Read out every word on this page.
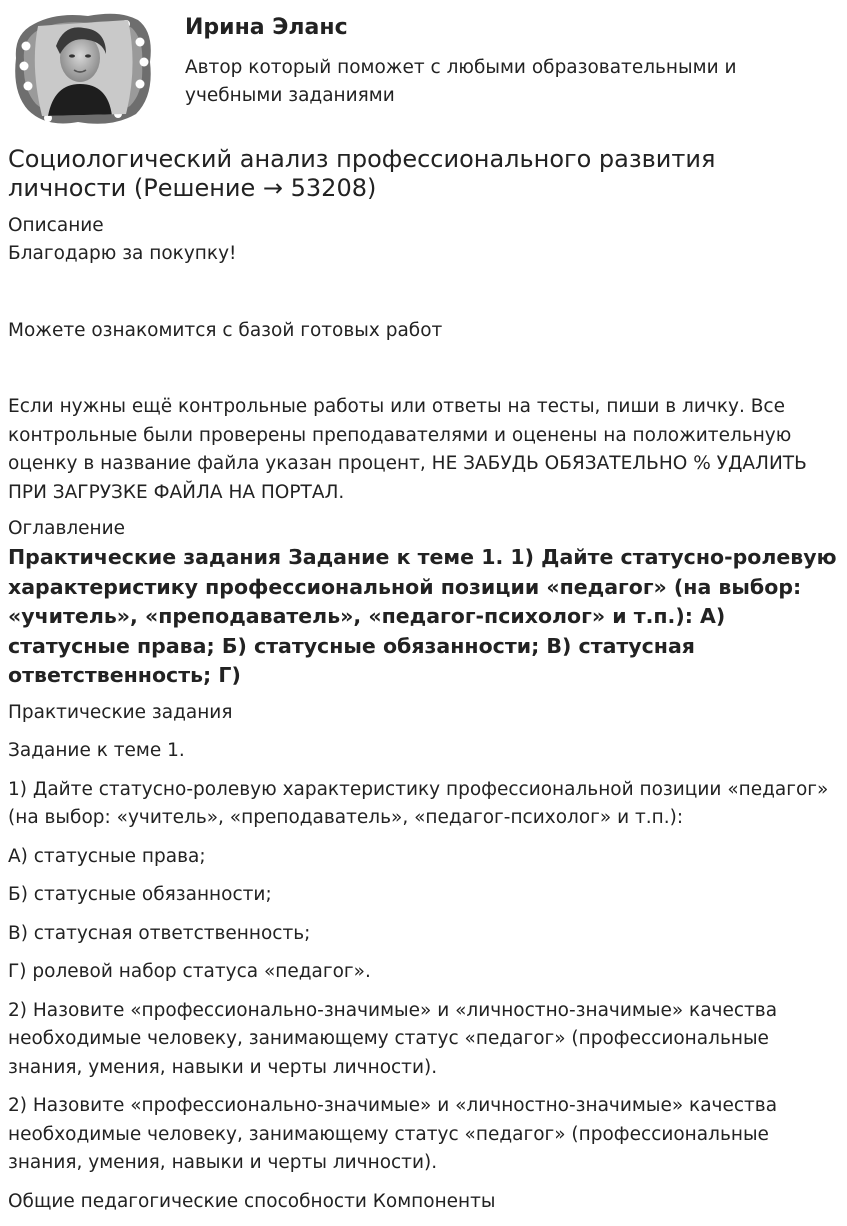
Ирина Эланс
Автор который поможет с любыми образовательными и учебными заданиями
Социологический анализ профессионального развития личности (Решение → 53208)
Описание

Благодарю за покупку!

Можете ознакомится с базой готовых работ

Если нужны ещё контрольные работы или ответы на тесты, пиши в личку. Все контрольные были проверены преподавателями и оценены на положительную оценку в название файла указан процент, НЕ ЗАБУДЬ ОБЯЗАТЕЛЬНО % УДАЛИТЬ ПРИ ЗАГРУЗКЕ ФАЙЛА НА ПОРТАЛ.

Оглавление
Практические задания Задание к теме 1. 1) Дайте статусно-ролевую характеристику профессиональной позиции «педагог» (на выбор: «учитель», «преподаватель», «педагог-психолог» и т.п.): А) статусные права; Б) статусные обязанности; В) статусная ответственность; Г)

Практические задания

Задание к теме 1.

1) Дайте статусно-ролевую характеристику профессиональной позиции «педагог» (на выбор: «учитель», «преподаватель», «педагог-психолог» и т.п.):

А) статусные права;

Б) статусные обязанности;

В) статусная ответственность;

Г) ролевой набор статуса «педагог».

2) Назовите «профессионально-значимые» и «личностно-значимые» качества необходимые человеку, занимающему статус «педагог» (профессиональные знания, умения, навыки и черты личности).

2) Назовите «профессионально-значимые» и «личностно-значимые» качества необходимые человеку, занимающему статус «педагог» (профессиональные знания, умения, навыки и черты личности).

Общие педагогические способности Компоненты
